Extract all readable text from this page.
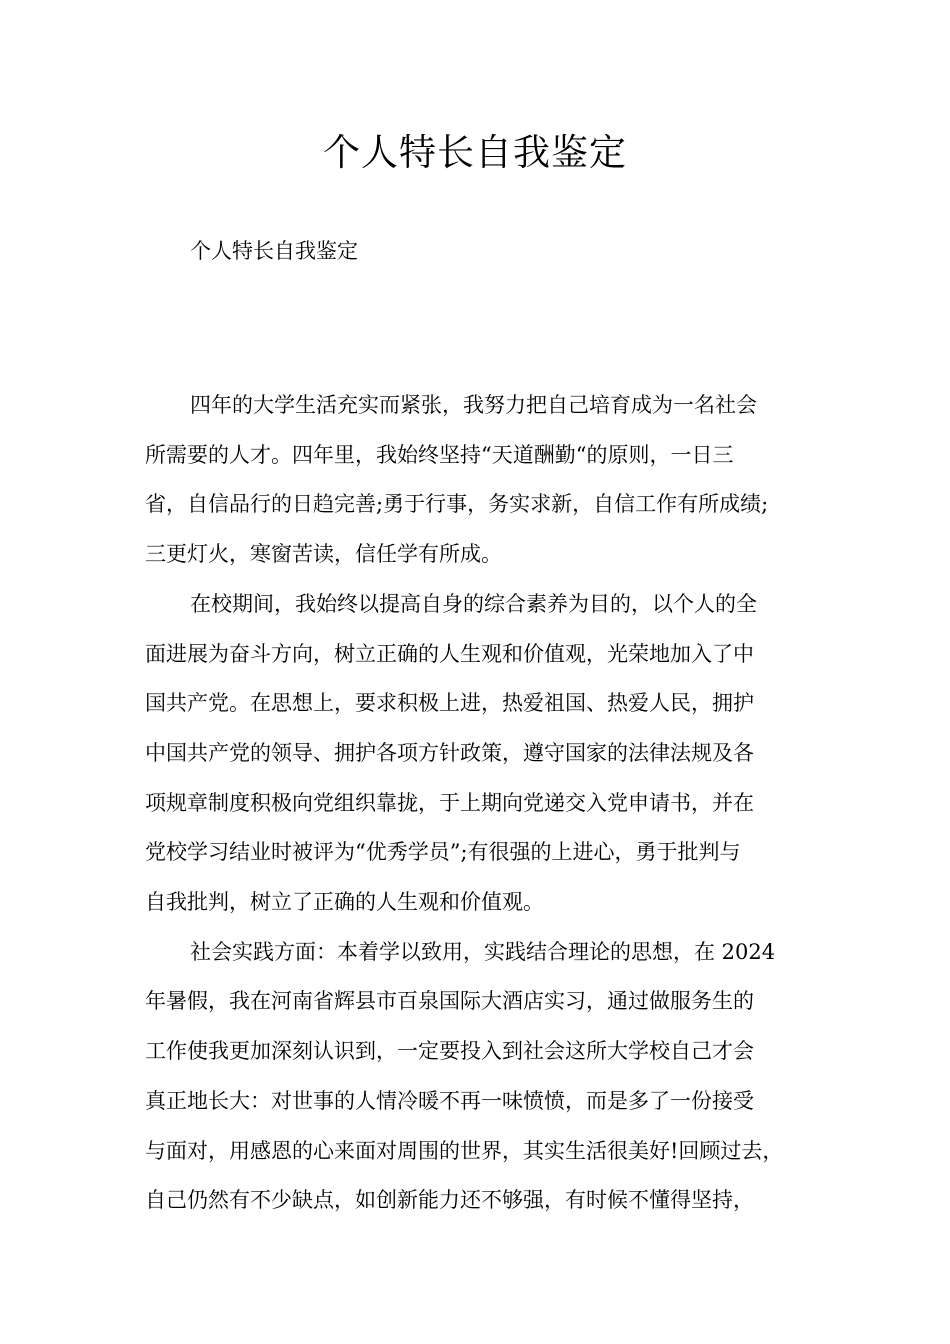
个人特长自我鉴定
个人特长自我鉴定
四年的大学生活充实而紧张，我努力把自己培育成为一名社会
所需要的人才。四年里，我始终坚持“天道酬勤“的原则，一日三
省，自信品行的日趋完善;勇于行事，务实求新，自信工作有所成绩;
三更灯火，寒窗苦读，信任学有所成。
在校期间，我始终以提高自身的综合素养为目的，以个人的全
面进展为奋斗方向，树立正确的人生观和价值观，光荣地加入了中
国共产党。在思想上，要求积极上进，热爱祖国、热爱人民，拥护
中国共产党的领导、拥护各项方针政策，遵守国家的法律法规及各
项规章制度积极向党组织靠拢，于上期向党递交入党申请书，并在
党校学习结业时被评为“优秀学员”;有很强的上进心，勇于批判与
自我批判，树立了正确的人生观和价值观。
社会实践方面：本着学以致用，实践结合理论的思想，在 2024
年暑假，我在河南省辉县市百泉国际大酒店实习，通过做服务生的
工作使我更加深刻认识到，一定要投入到社会这所大学校自己才会
真正地长大：对世事的人情冷暖不再一味愤愤，而是多了一份接受
与面对，用感恩的心来面对周围的世界，其实生活很美好!回顾过去，
自己仍然有不少缺点，如创新能力还不够强，有时候不懂得坚持，
